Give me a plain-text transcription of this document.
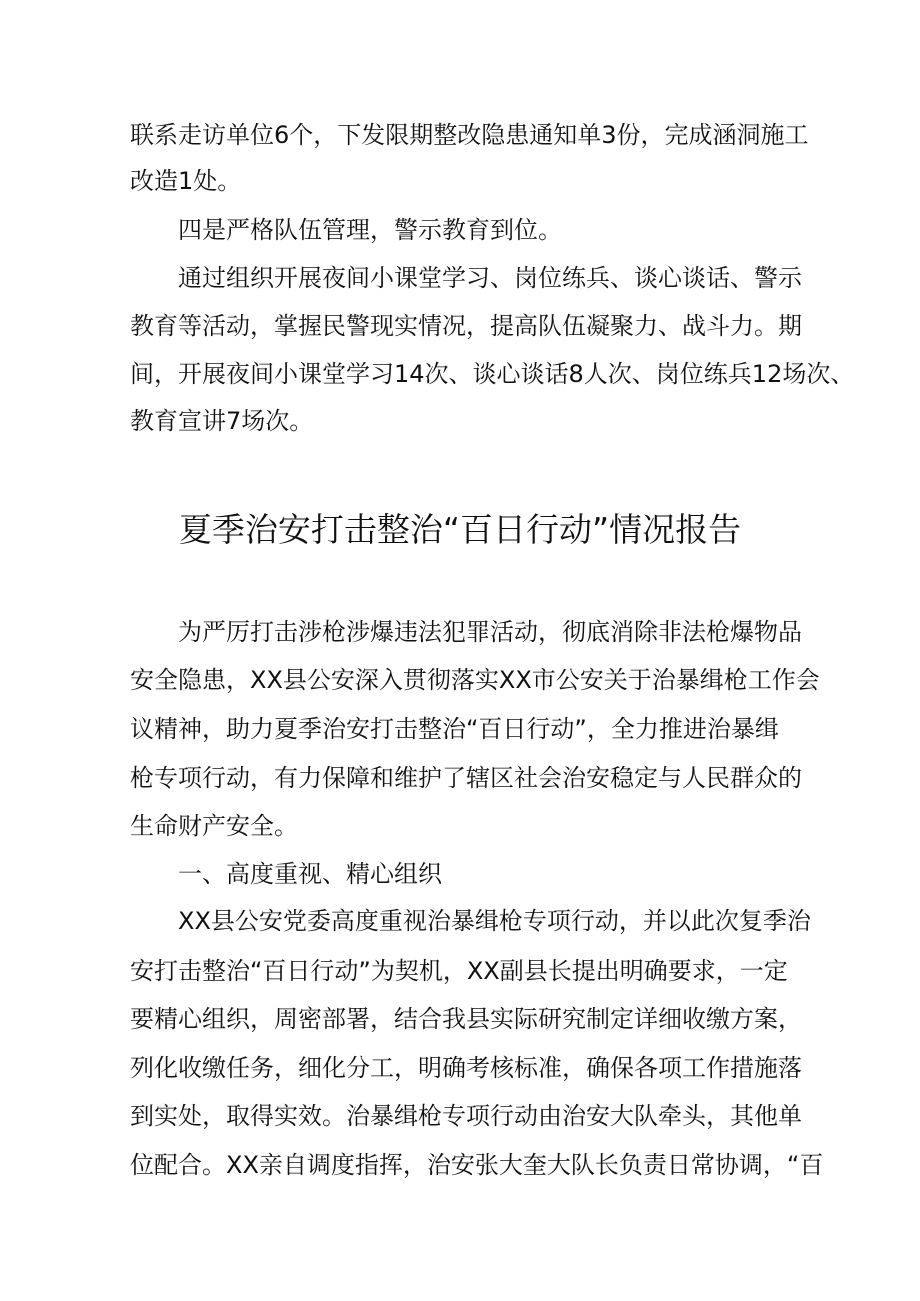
联系走访单位6个，下发限期整改隐患通知单3份，完成涵洞施工
改造1处。
四是严格队伍管理，警示教育到位。
通过组织开展夜间小课堂学习、岗位练兵、谈心谈话、警示
教育等活动，掌握民警现实情况，提高队伍凝聚力、战斗力。期
间，开展夜间小课堂学习14次、谈心谈话8人次、岗位练兵12场次、
教育宣讲7场次。
夏季治安打击整治“百日行动”情况报告
为严厉打击涉枪涉爆违法犯罪活动，彻底消除非法枪爆物品
安全隐患，XX县公安深入贯彻落实XX市公安关于治暴缉枪工作会
议精神，助力夏季治安打击整治“百日行动”，全力推进治暴缉
枪专项行动，有力保障和维护了辖区社会治安稳定与人民群众的
生命财产安全。
一、高度重视、精心组织
XX县公安党委高度重视治暴缉枪专项行动，并以此次复季治
安打击整治“百日行动”为契机，XX副县长提出明确要求，一定
要精心组织，周密部署，结合我县实际研究制定详细收缴方案，
列化收缴任务，细化分工，明确考核标准，确保各项工作措施落
到实处，取得实效。治暴缉枪专项行动由治安大队牵头，其他单
位配合。XX亲自调度指挥，治安张大奎大队长负责日常协调，“百
